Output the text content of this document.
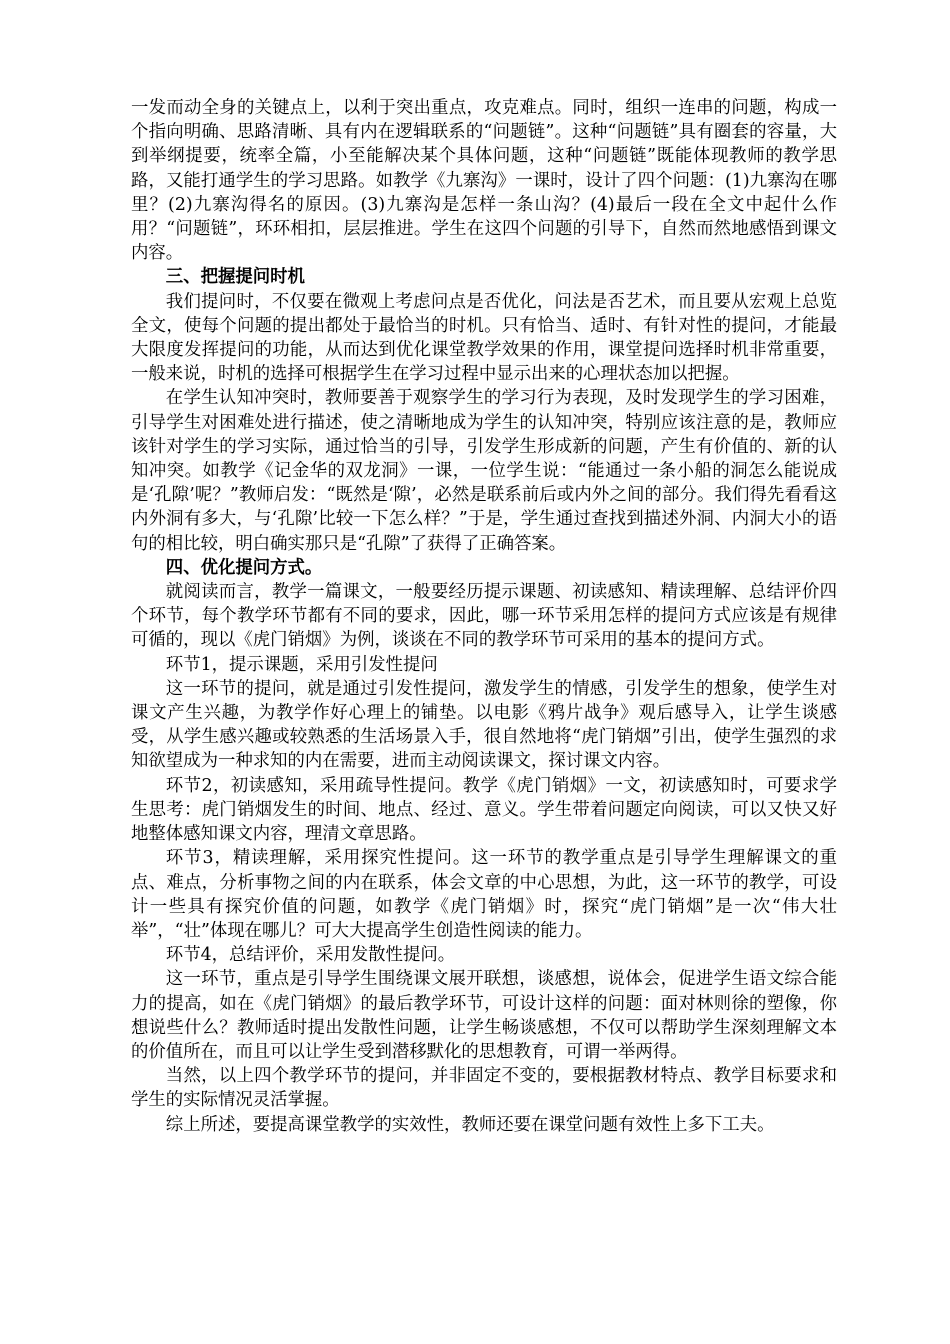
一发而动全身的关键点上，以利于突出重点，攻克难点。同时，组织一连串的问题，构成一个指向明确、思路清晰、具有内在逻辑联系的“问题链”。这种“问题链”具有圈套的容量，大到举纲提要，统率全篇，小至能解决某个具体问题，这种“问题链”既能体现教师的教学思路，又能打通学生的学习思路。如教学《九寨沟》一课时，设计了四个问题：(1)九寨沟在哪里？(2)九寨沟得名的原因。(3)九寨沟是怎样一条山沟？(4)最后一段在全文中起什么作用？“问题链”，环环相扣，层层推进。学生在这四个问题的引导下，自然而然地感悟到课文内容。

三、把握提问时机

我们提问时，不仅要在微观上考虑问点是否优化，问法是否艺术，而且要从宏观上总览全文，使每个问题的提出都处于最恰当的时机。只有恰当、适时、有针对性的提问，才能最大限度发挥提问的功能，从而达到优化课堂教学效果的作用，课堂提问选择时机非常重要，一般来说，时机的选择可根据学生在学习过程中显示出来的心理状态加以把握。

在学生认知冲突时，教师要善于观察学生的学习行为表现，及时发现学生的学习困难，引导学生对困难处进行描述，使之清晰地成为学生的认知冲突，特别应该注意的是，教师应该针对学生的学习实际，通过恰当的引导，引发学生形成新的问题，产生有价值的、新的认知冲突。如教学《记金华的双龙洞》一课，一位学生说：“能通过一条小船的洞怎么能说成是‘孔隙’呢？”教师启发：“既然是‘隙’，必然是联系前后或内外之间的部分。我们得先看看这内外洞有多大，与‘孔隙’比较一下怎么样？”于是，学生通过查找到描述外洞、内洞大小的语句的相比较，明白确实那只是“孔隙”了获得了正确答案。

四、优化提问方式。

就阅读而言，教学一篇课文，一般要经历提示课题、初读感知、精读理解、总结评价四个环节，每个教学环节都有不同的要求，因此，哪一环节采用怎样的提问方式应该是有规律可循的，现以《虎门销烟》为例，谈谈在不同的教学环节可采用的基本的提问方式。

环节1，提示课题，采用引发性提问

这一环节的提问，就是通过引发性提问，激发学生的情感，引发学生的想象，使学生对课文产生兴趣，为教学作好心理上的铺垫。以电影《鸦片战争》观后感导入，让学生谈感受，从学生感兴趣或较熟悉的生活场景入手，很自然地将“虎门销烟”引出，使学生强烈的求知欲望成为一种求知的内在需要，进而主动阅读课文，探讨课文内容。

环节2，初读感知，采用疏导性提问。教学《虎门销烟》一文，初读感知时，可要求学生思考：虎门销烟发生的时间、地点、经过、意义。学生带着问题定向阅读，可以又快又好地整体感知课文内容，理清文章思路。

环节3，精读理解，采用探究性提问。这一环节的教学重点是引导学生理解课文的重点、难点，分析事物之间的内在联系，体会文章的中心思想，为此，这一环节的教学，可设计一些具有探究价值的问题，如教学《虎门销烟》时，探究“虎门销烟”是一次“伟大壮举”，“壮”体现在哪儿？可大大提高学生创造性阅读的能力。

环节4，总结评价，采用发散性提问。

这一环节，重点是引导学生围绕课文展开联想，谈感想，说体会，促进学生语文综合能力的提高，如在《虎门销烟》的最后教学环节，可设计这样的问题：面对林则徐的塑像，你想说些什么？教师适时提出发散性问题，让学生畅谈感想，不仅可以帮助学生深刻理解文本的价值所在，而且可以让学生受到潜移默化的思想教育，可谓一举两得。

当然，以上四个教学环节的提问，并非固定不变的，要根据教材特点、教学目标要求和学生的实际情况灵活掌握。

综上所述，要提高课堂教学的实效性，教师还要在课堂问题有效性上多下工夫。
